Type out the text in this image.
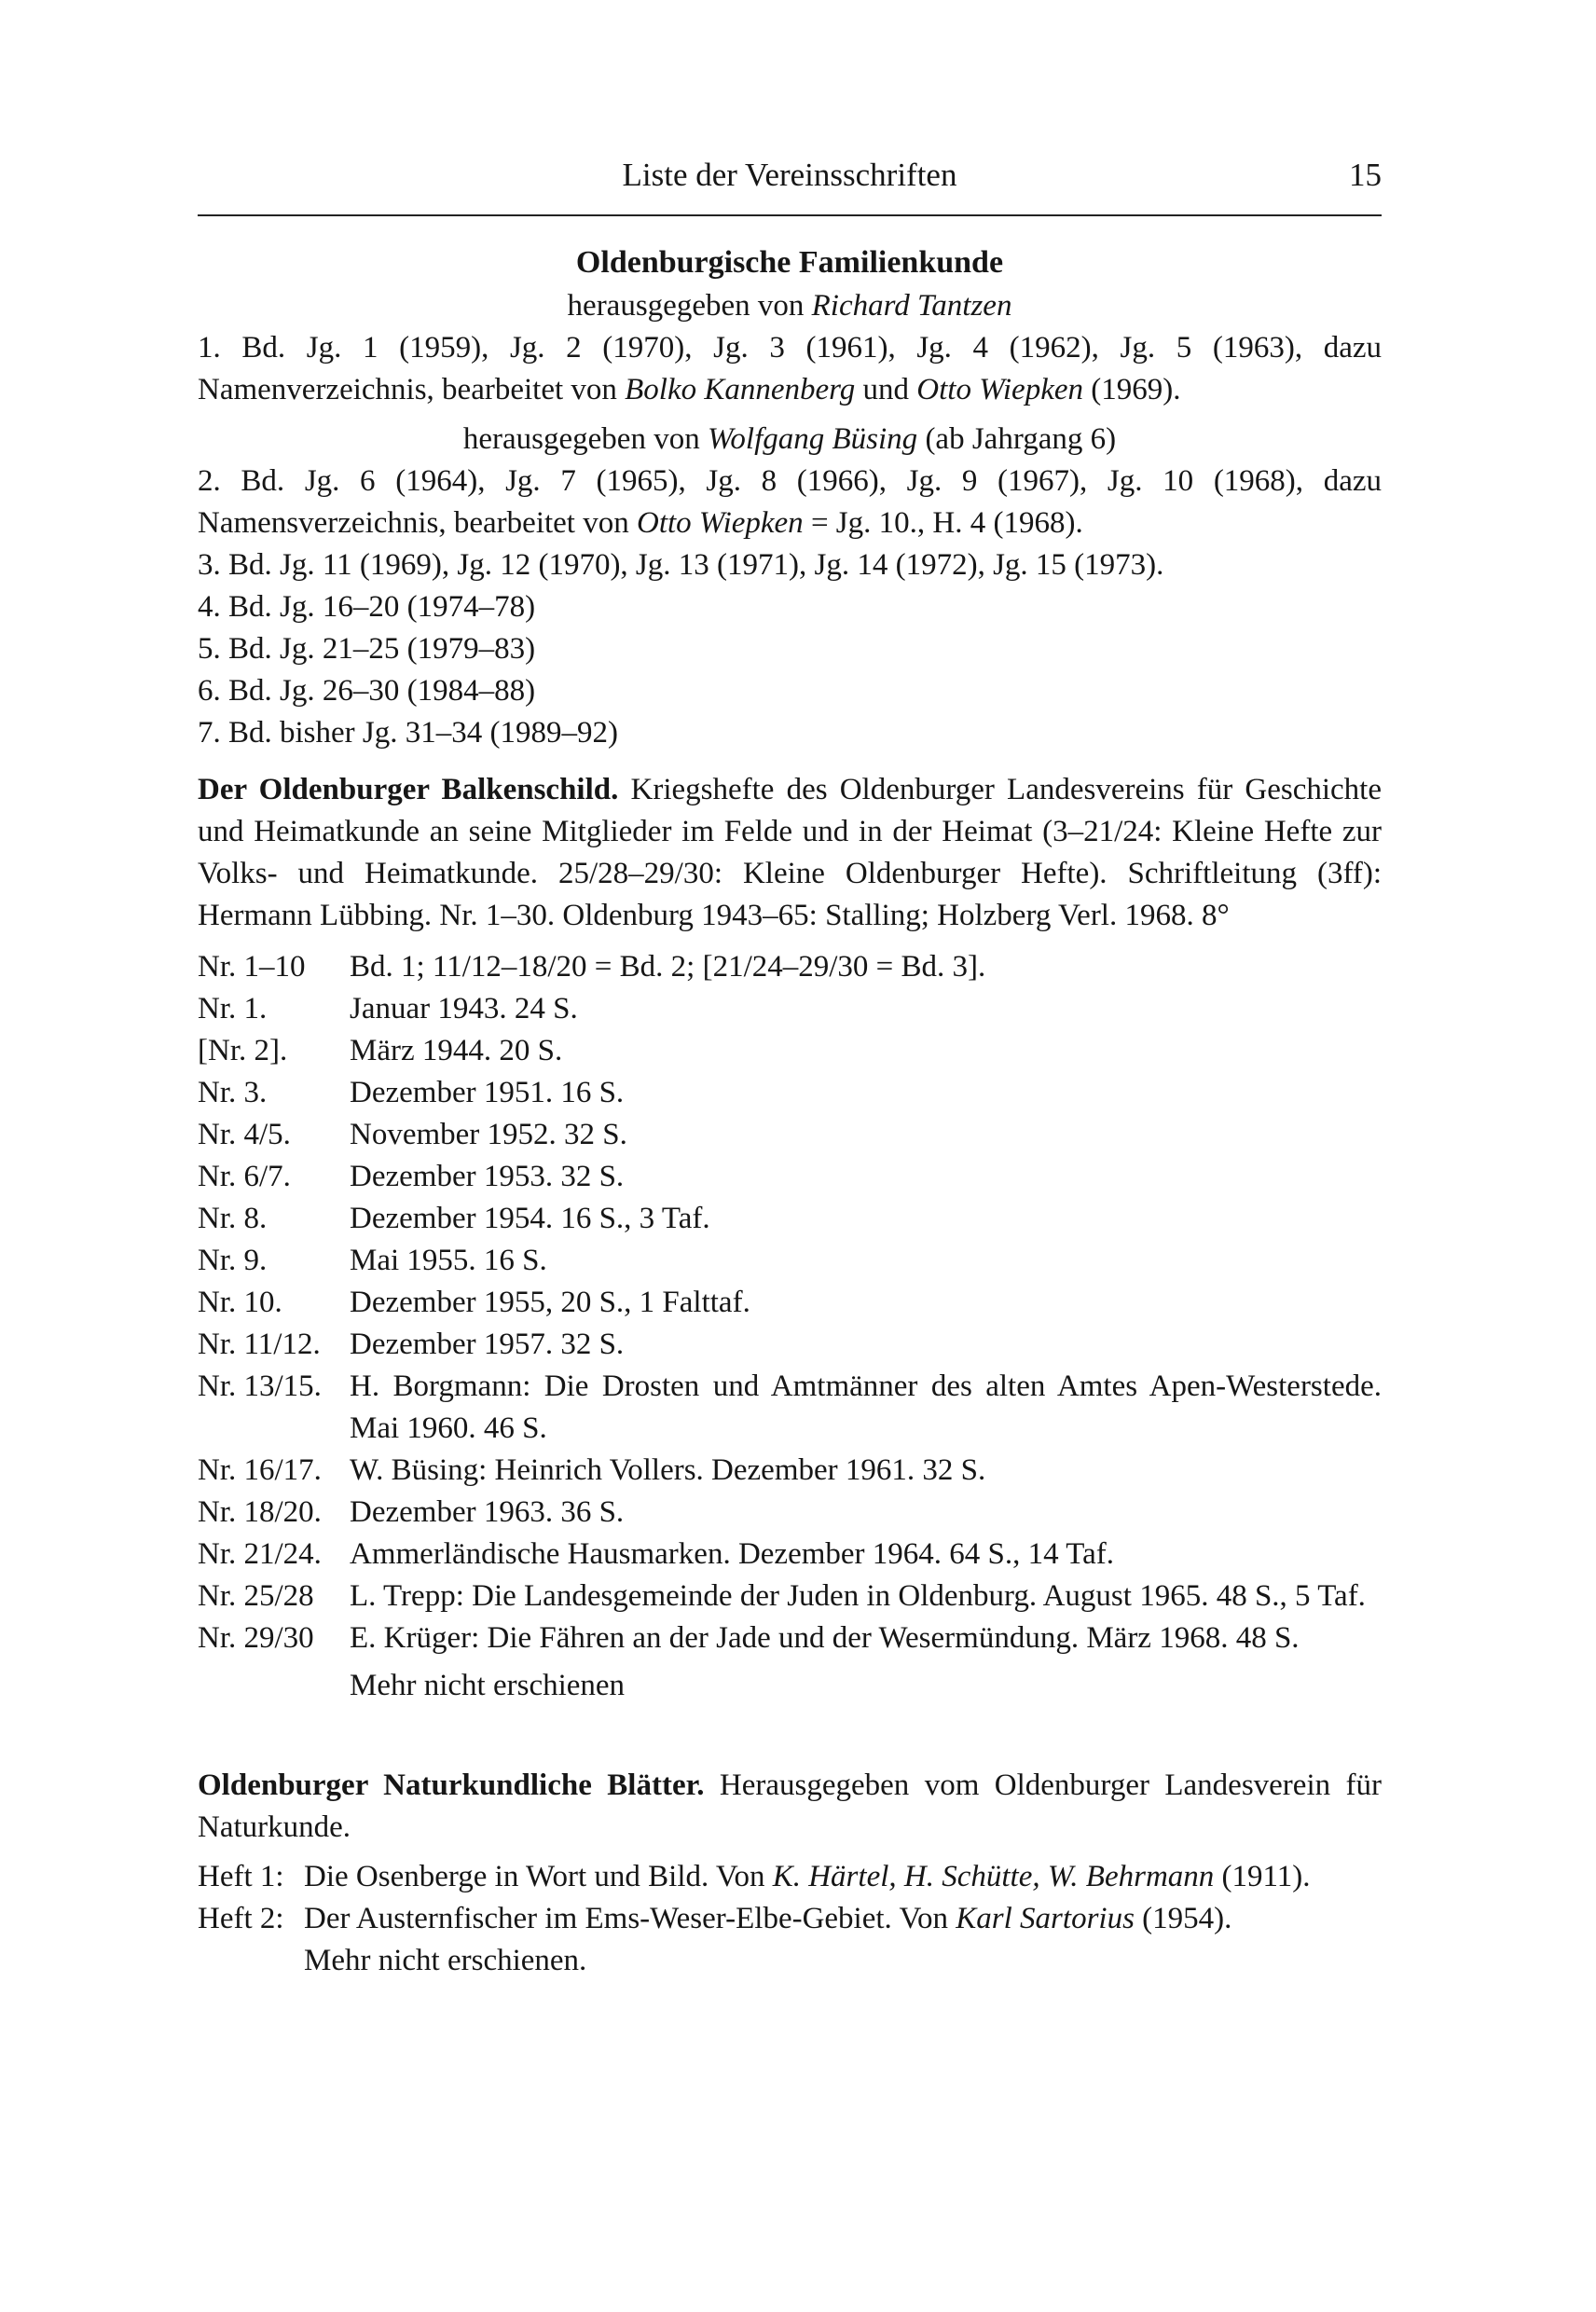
Liste der Vereinsschriften	15
Oldenburgische Familienkunde
herausgegeben von Richard Tantzen
1. Bd. Jg. 1 (1959), Jg. 2 (1970), Jg. 3 (1961), Jg. 4 (1962), Jg. 5 (1963), dazu Namenverzeichnis, bearbeitet von Bolko Kannenberg und Otto Wiepken (1969).
herausgegeben von Wolfgang Büsing (ab Jahrgang 6)
2. Bd. Jg. 6 (1964), Jg. 7 (1965), Jg. 8 (1966), Jg. 9 (1967), Jg. 10 (1968), dazu Namensverzeichnis, bearbeitet von Otto Wiepken = Jg. 10., H. 4 (1968).
3. Bd. Jg. 11 (1969), Jg. 12 (1970), Jg. 13 (1971), Jg. 14 (1972), Jg. 15 (1973).
4. Bd. Jg. 16–20 (1974–78)
5. Bd. Jg. 21–25 (1979–83)
6. Bd. Jg. 26–30 (1984–88)
7. Bd. bisher Jg. 31–34 (1989–92)
Der Oldenburger Balkenschild. Kriegshefte des Oldenburger Landesvereins für Geschichte und Heimatkunde an seine Mitglieder im Felde und in der Heimat (3–21/24: Kleine Hefte zur Volks- und Heimatkunde. 25/28–29/30: Kleine Oldenburger Hefte). Schriftleitung (3ff): Hermann Lübbing. Nr. 1–30. Oldenburg 1943–65: Stalling; Holzberg Verl. 1968. 8°
Nr. 1–10	Bd. 1; 11/12–18/20 = Bd. 2; [21/24–29/30 = Bd. 3].
Nr. 1.	Januar 1943. 24 S.
[Nr. 2].	März 1944. 20 S.
Nr. 3.	Dezember 1951. 16 S.
Nr. 4/5.	November 1952. 32 S.
Nr. 6/7.	Dezember 1953. 32 S.
Nr. 8.	Dezember 1954. 16 S., 3 Taf.
Nr. 9.	Mai 1955. 16 S.
Nr. 10.	Dezember 1955, 20 S., 1 Falttaf.
Nr. 11/12. Dezember 1957. 32 S.
Nr. 13/15. H. Borgmann: Die Drosten und Amtmänner des alten Amtes Apen-Westerstede. Mai 1960. 46 S.
Nr. 16/17. W. Büsing: Heinrich Vollers. Dezember 1961. 32 S.
Nr. 18/20. Dezember 1963. 36 S.
Nr. 21/24. Ammerländische Hausmarken. Dezember 1964. 64 S., 14 Taf.
Nr. 25/28	L. Trepp: Die Landesgemeinde der Juden in Oldenburg. August 1965. 48 S., 5 Taf.
Nr. 29/30	E. Krüger: Die Fähren an der Jade und der Wesermündung. März 1968. 48 S.
Mehr nicht erschienen
Oldenburger Naturkundliche Blätter. Herausgegeben vom Oldenburger Landesverein für Naturkunde.
Heft 1: Die Osenberge in Wort und Bild. Von K. Härtel, H. Schütte, W. Behrmann (1911).
Heft 2: Der Austernfischer im Ems-Weser-Elbe-Gebiet. Von Karl Sartorius (1954).
Mehr nicht erschienen.
